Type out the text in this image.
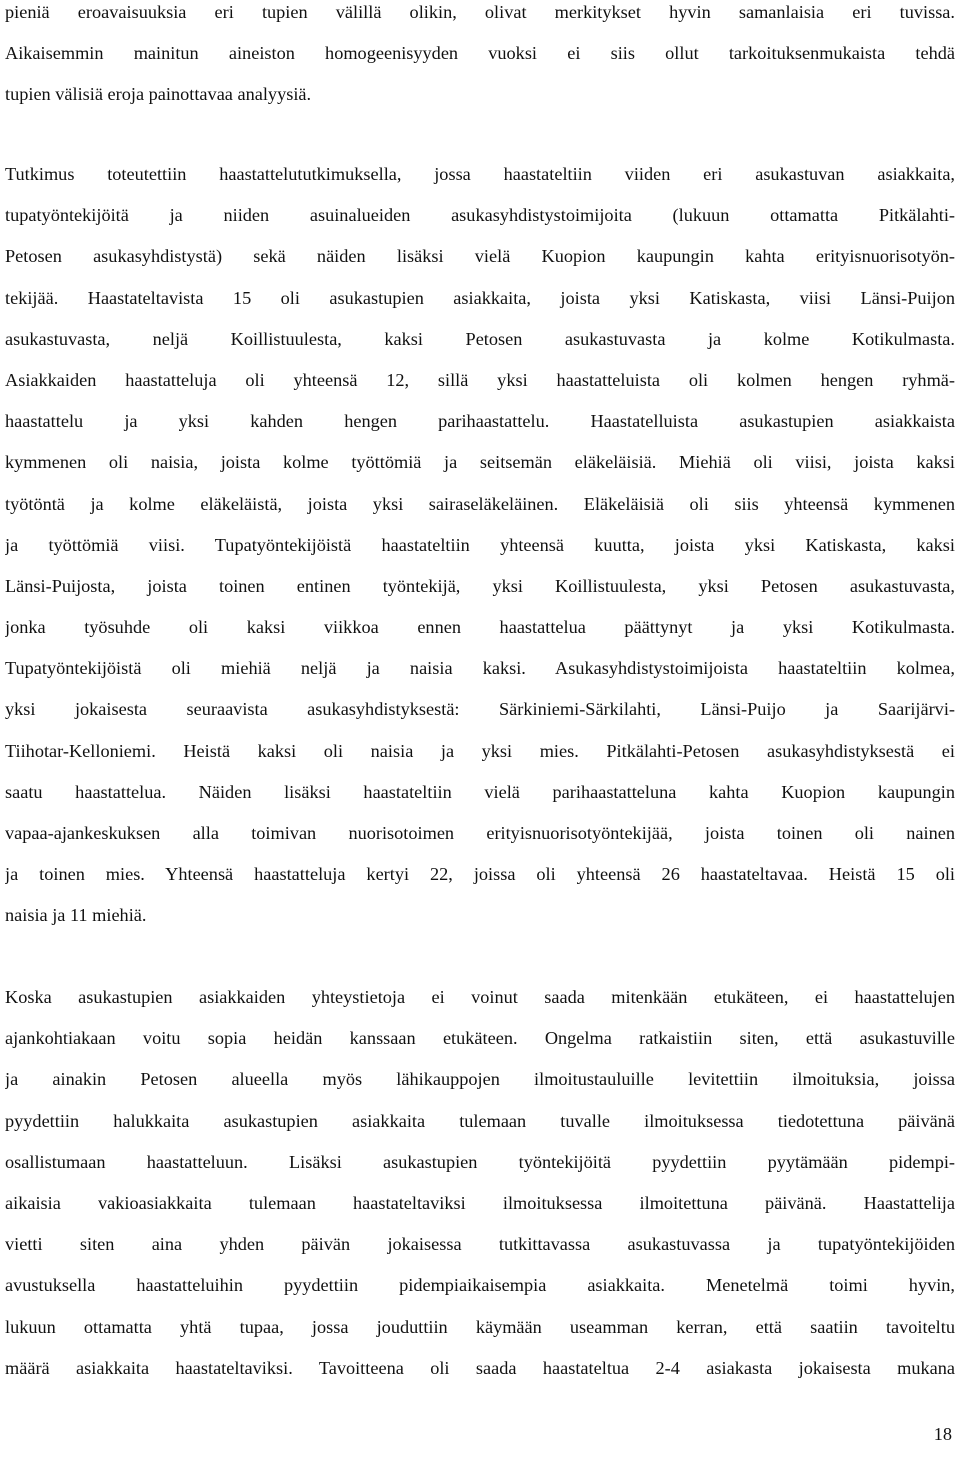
pieniä eroavaisuuksia eri tupien välillä olikin, olivat merkitykset hyvin samanlaisia eri tuvissa.
Aikaisemmin mainitun aineiston homogeenisyyden vuoksi ei siis ollut tarkoituksenmukaista tehdä
tupien välisiä eroja painottavaa analyysiä.
Tutkimus toteutettiin haastattelututkimuksella, jossa haastateltiin viiden eri asukastuvan asiakkaita,
tupatyöntekijöitä ja niiden asuinalueiden asukasyhdistystoimijoita (lukuun ottamatta Pitkälahti-
Petosen asukasyhdistystä) sekä näiden lisäksi vielä Kuopion kaupungin kahta erityisnuorisotyön-
tekijää. Haastateltavista 15 oli asukastupien asiakkaita, joista yksi Katiskasta, viisi Länsi-Puijon
asukastuvasta, neljä Koillistuulesta, kaksi Petosen asukastuvasta ja kolme Kotikulmasta.
Asiakkaiden haastatteluja oli yhteensä 12, sillä yksi haastatteluista oli kolmen hengen ryhmä-
haastattelu ja yksi kahden hengen parihaastattelu. Haastatelluista asukastupien asiakkaista
kymmenen oli naisia, joista kolme työttömiä ja seitsemän eläkeläisiä. Miehiä oli viisi, joista kaksi
työtöntä ja kolme eläkeläistä, joista yksi sairaseläkeläinen. Eläkeläisiä oli siis yhteensä kymmenen
ja työttömiä viisi. Tupatyöntekijöistä haastateltiin yhteensä kuutta, joista yksi Katiskasta, kaksi
Länsi-Puijosta, joista toinen entinen työntekijä, yksi Koillistuulesta, yksi Petosen asukastuvasta,
jonka työsuhde oli kaksi viikkoa ennen haastattelua päättynyt ja yksi Kotikulmasta.
Tupatyöntekijöistä oli miehiä neljä ja naisia kaksi. Asukasyhdistystoimijoista haastateltiin kolmea,
yksi jokaisesta seuraavista asukasyhdistyksestä: Särkiniemi-Särkilahti, Länsi-Puijo ja Saarijärvi-
Tiihotar-Kelloniemi. Heistä kaksi oli naisia ja yksi mies. Pitkälahti-Petosen asukasyhdistyksestä ei
saatu haastattelua. Näiden lisäksi haastateltiin vielä parihaastatteluna kahta Kuopion kaupungin
vapaa-ajankeskuksen alla toimivan nuorisotoimen erityisnuorisotyöntekijää, joista toinen oli nainen
ja toinen mies. Yhteensä haastatteluja kertyi 22, joissa oli yhteensä 26 haastateltavaa. Heistä 15 oli
naisia ja 11 miehiä.
Koska asukastupien asiakkaiden yhteystietoja ei voinut saada mitenkään etukäteen, ei haastattelujen
ajankohtiakaan voitu sopia heidän kanssaan etukäteen. Ongelma ratkaistiin siten, että asukastuville
ja ainakin Petosen alueella myös lähikauppojen ilmoitustauluille levitettiin ilmoituksia, joissa
pyydettiin halukkaita asukastupien asiakkaita tulemaan tuvalle ilmoituksessa tiedotettuna päivänä
osallistumaan haastatteluun. Lisäksi asukastupien työntekijöitä pyydettiin pyytämään pidempi-
aikaisia vakioasiakkaita tulemaan haastateltaviksi ilmoituksessa ilmoitettuna päivänä. Haastattelija
vietti siten aina yhden päivän jokaisessa tutkittavassa asukastuvassa ja tupatyöntekijöiden
avustuksella haastatteluihin pyydettiin pidempiaikaisempia asiakkaita. Menetelmä toimi hyvin,
lukuun ottamatta yhtä tupaa, jossa jouduttiin käymään useamman kerran, että saatiin tavoiteltu
määrä asiakkaita haastateltaviksi. Tavoitteena oli saada haastateltua 2-4 asiakasta jokaisesta mukana
18
